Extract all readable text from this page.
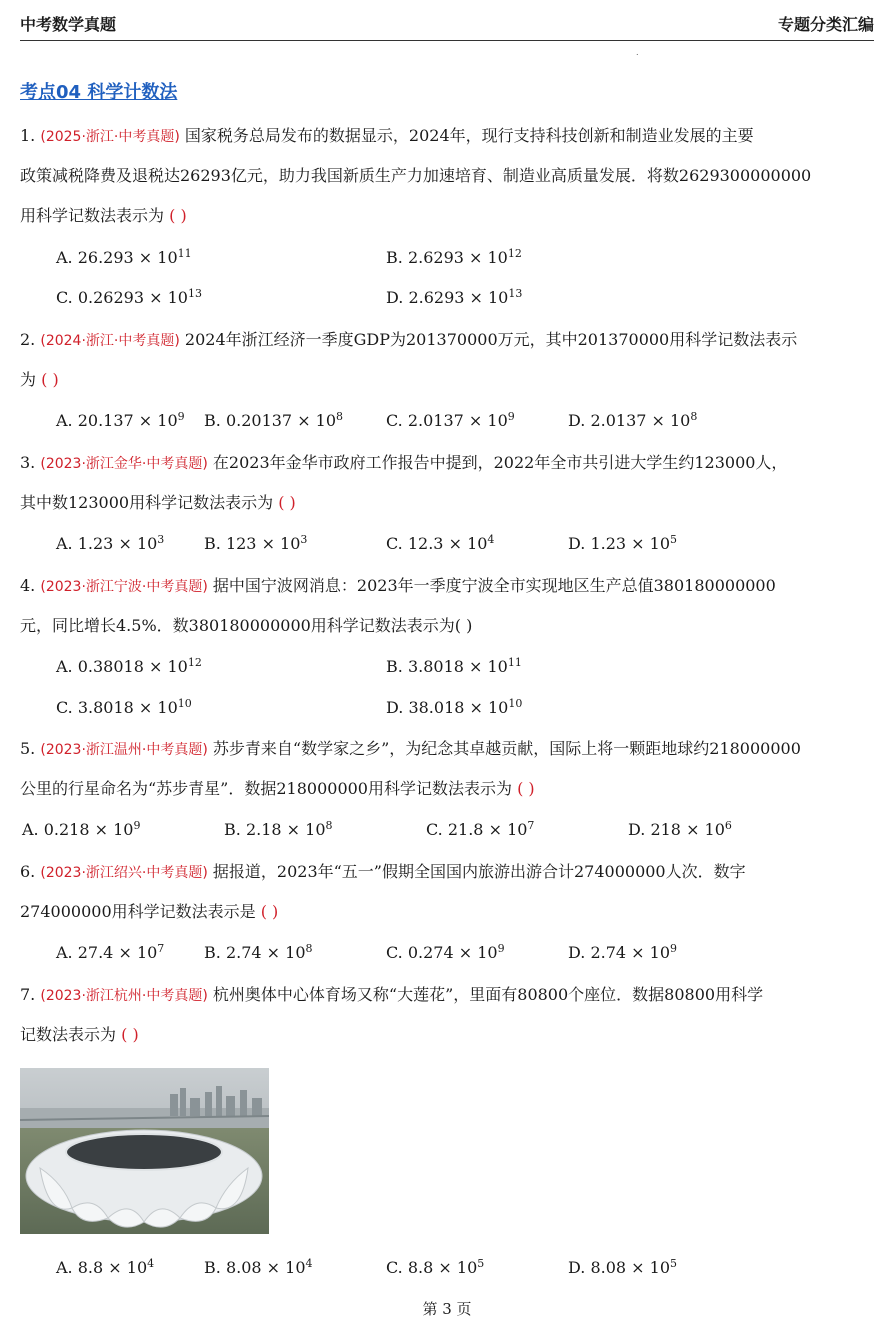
中考数学真题	专题分类汇编
.
考点04 科学计数法
1. (2025·浙江·中考真题) 国家税务总局发布的数据显示，2024年，现行支持科技创新和制造业发展的主要
政策减税降费及退税达26293亿元，助力我国新质生产力加速培育、制造业高质量发展．将数2629300000000
用科学记数法表示为 ( )
A. $26.293 \times 10^{11}$	B. $2.6293 \times 10^{12}$
C. $0.26293 \times 10^{13}$	D. $2.6293 \times 10^{13}$
2. (2024·浙江·中考真题) 2024年浙江经济一季度GDP为201370000万元，其中201370000用科学记数法表示
为 ( )
A. $20.137 \times 10^9$ B. $0.20137 \times 10^8$	C. $2.0137 \times 10^9$	D. $2.0137 \times 10^8$
3. (2023·浙江金华·中考真题) 在2023年金华市政府工作报告中提到，2022年全市共引进大学生约123000人，
其中数123000用科学记数法表示为 ( )
A. $1.23 \times 10^3$ B. $123 \times 10^3$	C. $12.3 \times 10^4$	D. $1.23 \times 10^5$
4. (2023·浙江宁波·中考真题) 据中国宁波网消息：2023年一季度宁波全市实现地区生产总值380180000000
元，同比增长4.5%．数380180000000用科学记数法表示为( )
A. $0.38018 \times 10^{12}$	B. $3.8018 \times 10^{11}$
C. $3.8018 \times 10^{10}$	D. $38.018 \times 10^{10}$
5. (2023·浙江温州·中考真题) 苏步青来自“数学家之乡”，为纪念其卓越贡献，国际上将一颗距地球约218000000
公里的行星命名为“苏步青星”．数据218000000用科学记数法表示为 ( )
A. $0.218 \times 10^9$	B. $2.18 \times 10^8$	C. $21.8 \times 10^7$	D. $218 \times 10^6$
6. (2023·浙江绍兴·中考真题) 据报道，2023年“五一”假期全国国内旅游出游合计274000000人次．数字
274000000用科学记数法表示是 ( )
A. $27.4 \times 10^7$ B. $2.74 \times 10^8$	C. $0.274 \times 10^9$	D. $2.74 \times 10^9$
7. (2023·浙江杭州·中考真题) 杭州奥体中心体育场又称“大莲花”，里面有80800个座位．数据80800用科学
记数法表示为 ( )
A. $8.8 \times 10^4$	B. $8.08 \times 10^4$	C. $8.8 \times 10^5$	D. $8.08 \times 10^5$
第 3 页
